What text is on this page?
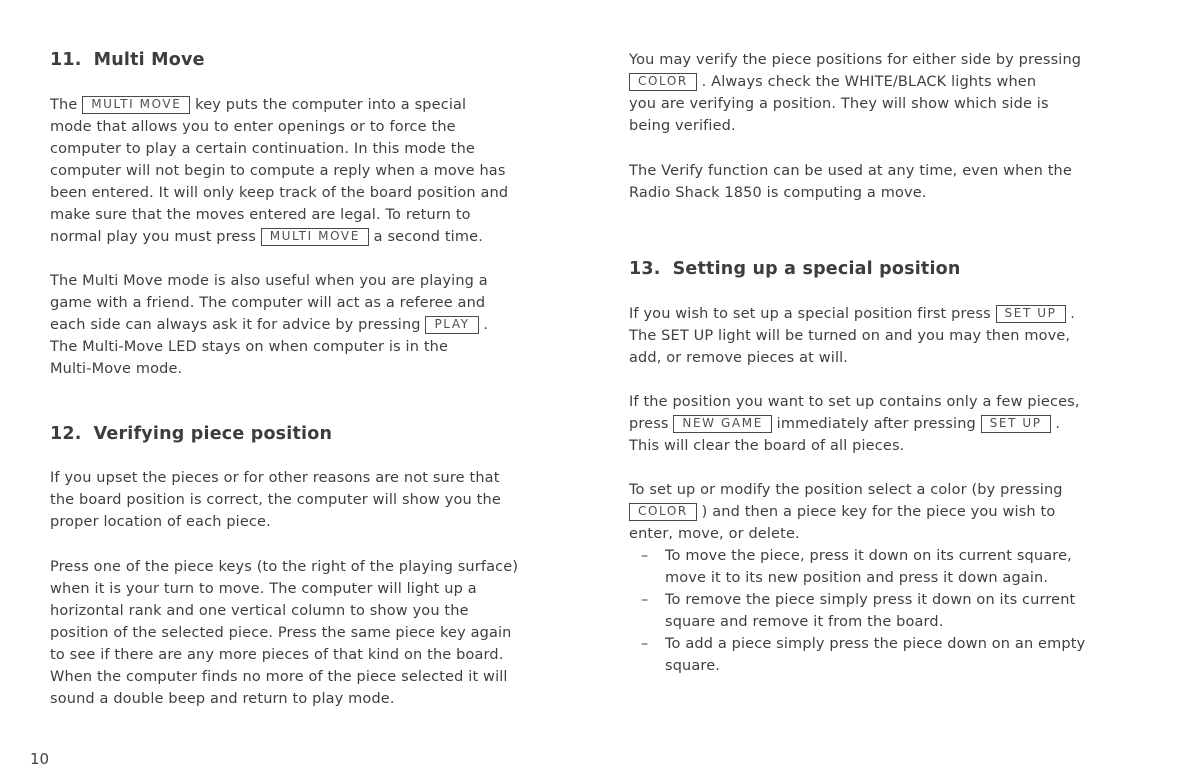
11. Multi Move

The MULTI MOVE key puts the computer into a special
mode that allows you to enter openings or to force the
computer to play a certain continuation. In this mode the
computer will not begin to compute a reply when a move has
been entered. It will only keep track of the board position and
make sure that the moves entered are legal. To return to
normal play you must press MULTI MOVE a second time.

The Multi Move mode is also useful when you are playing a
game with a friend. The computer will act as a referee and
each side can always ask it for advice by pressing PLAY .
The Multi-Move LED stays on when computer is in the
Multi-Move mode.

12. Verifying piece position

If you upset the pieces or for other reasons are not sure that
the board position is correct, the computer will show you the
proper location of each piece.

Press one of the piece keys (to the right of the playing surface)
when it is your turn to move. The computer will light up a
horizontal rank and one vertical column to show you the
position of the selected piece. Press the same piece key again
to see if there are any more pieces of that kind on the board.
When the computer finds no more of the piece selected it will
sound a double beep and return to play mode.

You may verify the piece positions for either side by pressing
COLOR . Always check the WHITE/BLACK lights when
you are verifying a position. They will show which side is
being verified.

The Verify function can be used at any time, even when the
Radio Shack 1850 is computing a move.

13. Setting up a special position

If you wish to set up a special position first press SET UP .
The SET UP light will be turned on and you may then move,
add, or remove pieces at will.

If the position you want to set up contains only a few pieces,
press NEW GAME immediately after pressing SET UP .
This will clear the board of all pieces.

To set up or modify the position select a color (by pressing
COLOR ) and then a piece key for the piece you wish to
enter, move, or delete.

– To move the piece, press it down on its current square,
move it to its new position and press it down again.
– To remove the piece simply press it down on its current
square and remove it from the board.
– To add a piece simply press the piece down on an empty
square.
10
